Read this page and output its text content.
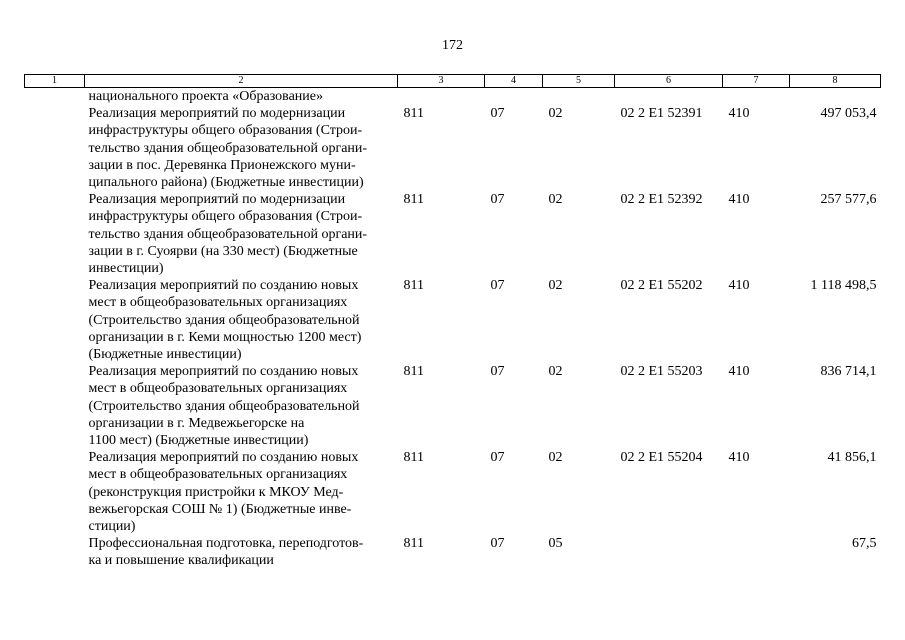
172
1	2	3	4	5	6	7	8
	национального проекта «Образование»						

	Реализация мероприятий по модернизации
инфраструктуры общего образования (Строи-
тельство здания общеобразовательной органи-
зации в пос. Деревянка Прионежского муни-
ципального района) (Бюджетные инвестиции)	811	07	02	02 2 E1 52391	410	497 053,4

	Реализация мероприятий по модернизации
инфраструктуры общего образования (Строи-
тельство здания общеобразовательной органи-
зации в г. Суоярви (на 330 мест) (Бюджетные
инвестиции)	811	07	02	02 2 E1 52392	410	257 577,6

	Реализация мероприятий по созданию новых
мест в общеобразовательных организациях
(Строительство здания общеобразовательной
организации в г. Кеми мощностью 1200 мест)
(Бюджетные инвестиции)	811	07	02	02 2 E1 55202	410	1 118 498,5

	Реализация мероприятий по созданию новых
мест в общеобразовательных организациях
(Строительство здания общеобразовательной
организации в г. Медвежьегорске на
1100 мест) (Бюджетные инвестиции)	811	07	02	02 2 E1 55203	410	836 714,1

	Реализация мероприятий по созданию новых
мест в общеобразовательных организациях
(реконструкция пристройки к МКОУ Мед-
вежьегорская СОШ № 1) (Бюджетные инве-
стиции)	811	07	02	02 2 E1 55204	410	41 856,1

	Профессиональная подготовка, переподготов-
ка и повышение квалификации	811	07	05			67,5
